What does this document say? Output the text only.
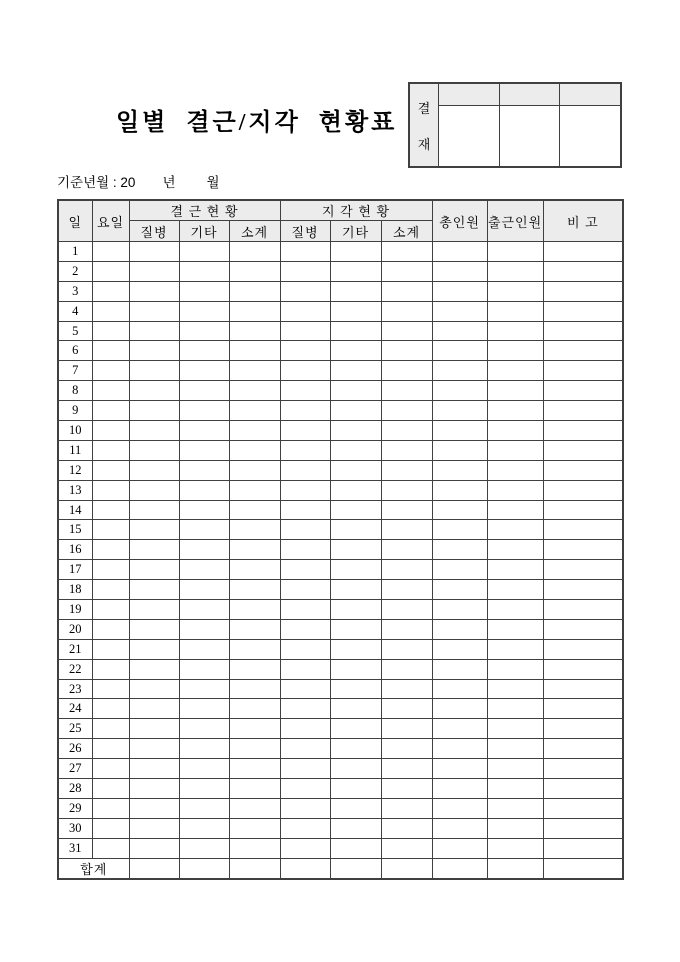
일별 결근/지각 현황표
결
재
기준년월 : 20 년 월
일	요일	결 근 현 황			지 각 현 황			총인원	출근인원	비 고
		질병	기타	소계	질병	기타	소계			
1										
2										
3										
4										
5										
6										
7										
8										
9										
10										
11										
12										
13										
14										
15										
16										
17										
18										
19										
20										
21										
22										
23										
24										
25										
26										
27										
28										
29										
30										
31										
합계										
